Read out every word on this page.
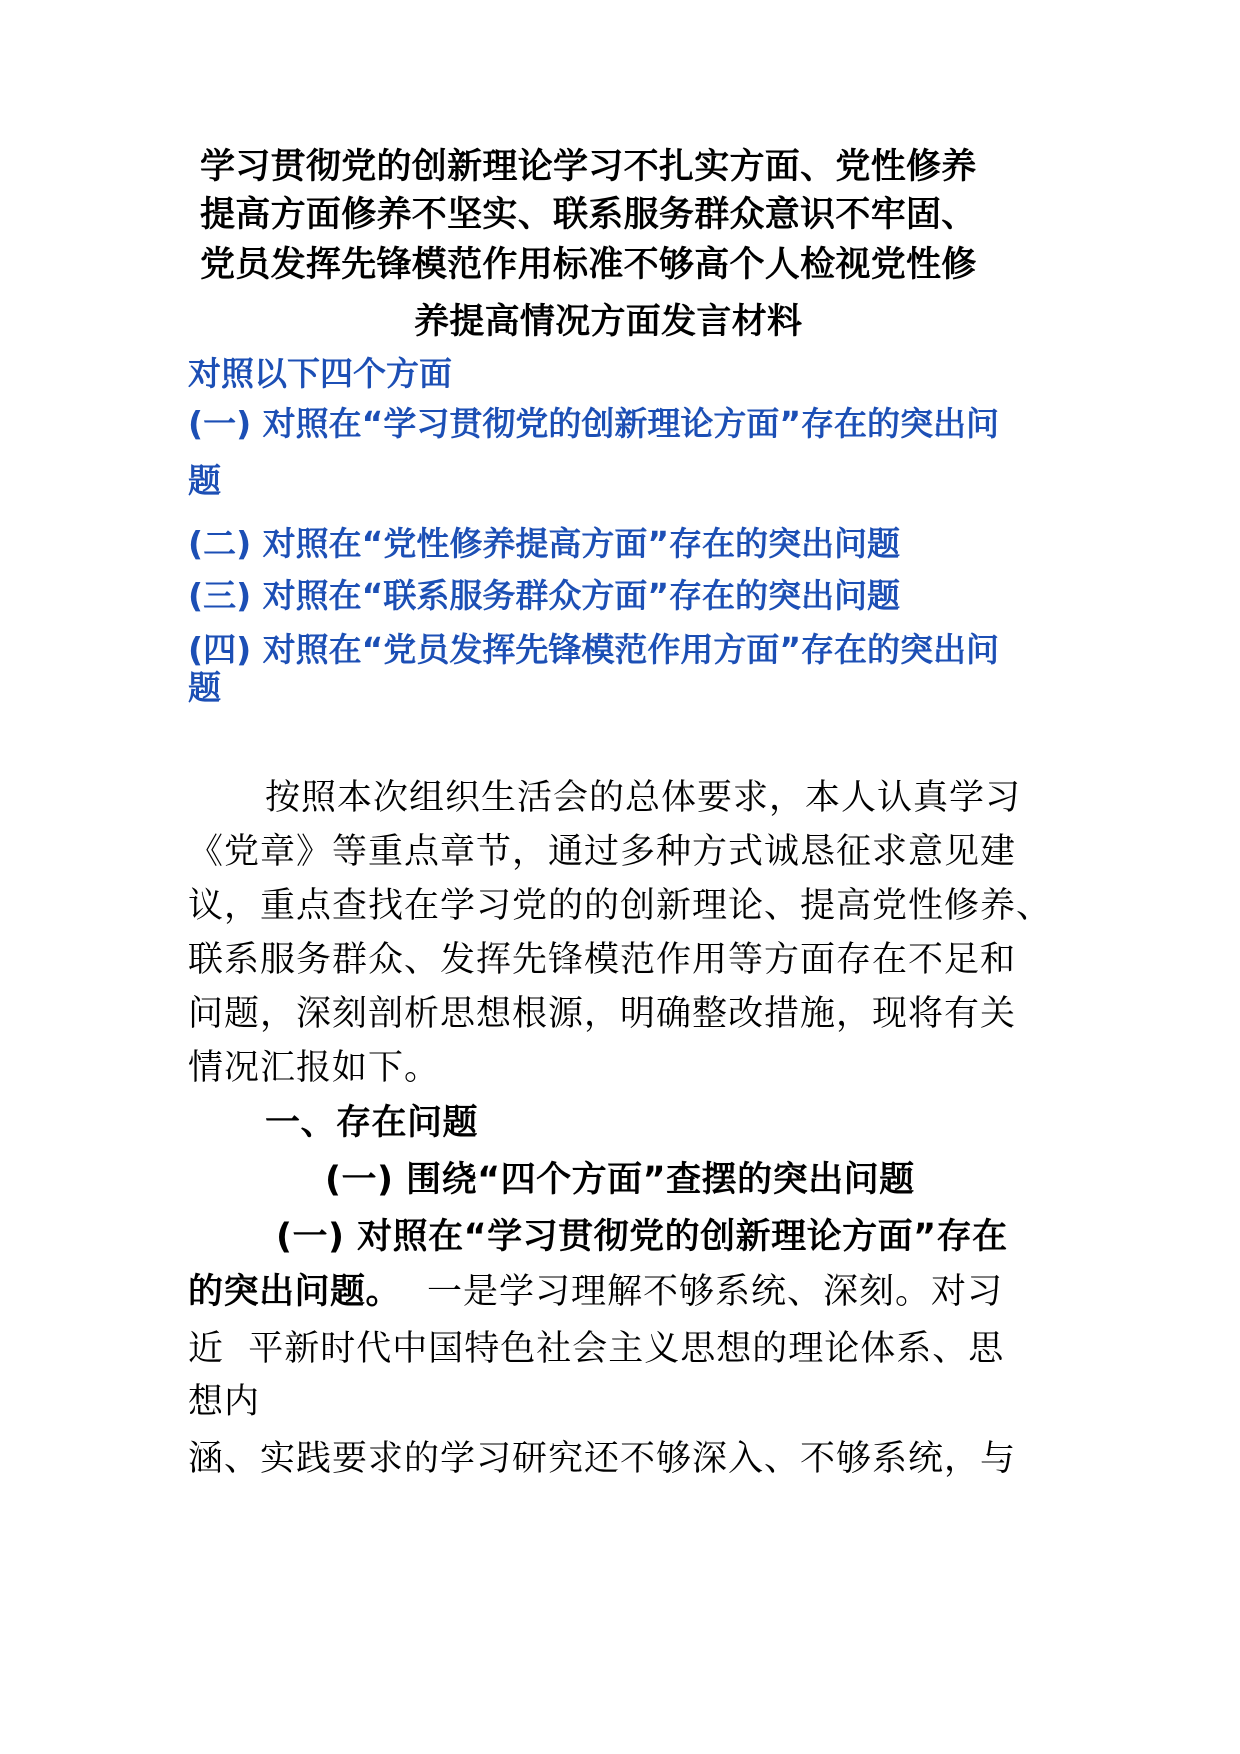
学习贯彻党的创新理论学习不扎实方面、党性修养
提高方面修养不坚实、联系服务群众意识不牢固、
党员发挥先锋模范作用标准不够高个人检视党性修
养提高情况方面发言材料
对照以下四个方面
(一) 对照在“学习贯彻党的创新理论方面”存在的突出问
题
(二) 对照在“党性修养提高方面”存在的突出问题
(三) 对照在“联系服务群众方面”存在的突出问题
(四) 对照在“党员发挥先锋模范作用方面”存在的突出问
题
按照本次组织生活会的总体要求，本人认真学习
《党章》等重点章节，通过多种方式诚恳征求意见建
议，重点查找在学习党的的创新理论、提高党性修养、
联系服务群众、发挥先锋模范作用等方面存在不足和
问题，深刻剖析思想根源，明确整改措施，现将有关
情况汇报如下。
一、存在问题
(一) 围绕“四个方面”查摆的突出问题
(一) 对照在“学习贯彻党的创新理论方面”存在
的突出问题。 一是学习理解不够系统、深刻。对习
近  平新时代中国特色社会主义思想的理论体系、思
想内
涵、实践要求的学习研究还不够深入、不够系统，与
